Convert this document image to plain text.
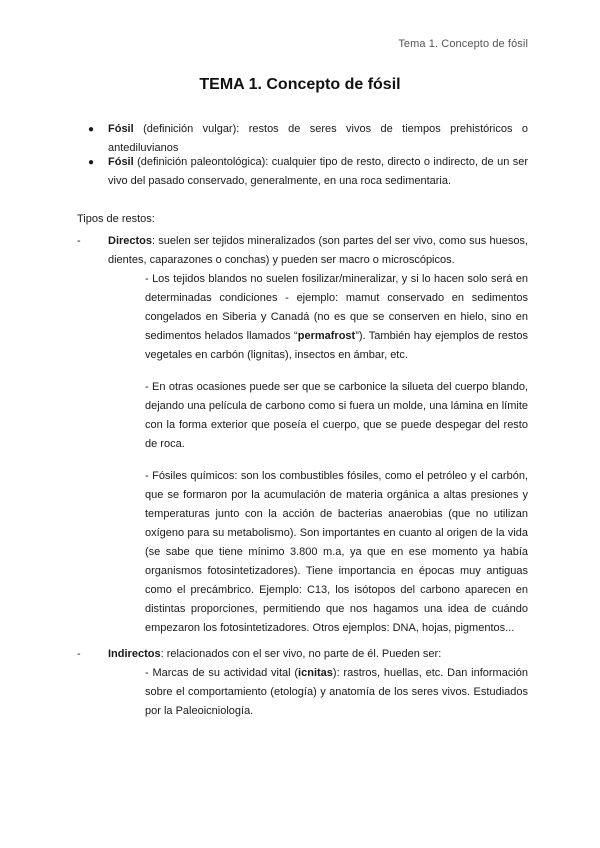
Tema 1. Concepto de fósil
TEMA 1. Concepto de fósil
● Fósil (definición vulgar): restos de seres vivos de tiempos prehistóricos o antediluvianos
● Fósil (definición paleontológica): cualquier tipo de resto, directo o indirecto, de un ser vivo del pasado conservado, generalmente, en una roca sedimentaria.
Tipos de restos:
- Directos: suelen ser tejidos mineralizados (son partes del ser vivo, como sus huesos, dientes, caparazones o conchas) y pueden ser macro o microscópicos.
- Los tejidos blandos no suelen fosilizar/mineralizar, y si lo hacen solo será en determinadas condiciones - ejemplo: mamut conservado en sedimentos congelados en Siberia y Canadá (no es que se conserven en hielo, sino en sedimentos helados llamados “permafrost”). También hay ejemplos de restos vegetales en carbón (lignitas), insectos en ámbar, etc.
- En otras ocasiones puede ser que se carbonice la silueta del cuerpo blando, dejando una película de carbono como si fuera un molde, una lámina en límite con la forma exterior que poseía el cuerpo, que se puede despegar del resto de roca.
- Fósiles químicos: son los combustibles fósiles, como el petróleo y el carbón, que se formaron por la acumulación de materia orgánica a altas presiones y temperaturas junto con la acción de bacterias anaerobias (que no utilizan oxígeno para su metabolismo). Son importantes en cuanto al origen de la vida (se sabe que tiene mínimo 3.800 m.a, ya que en ese momento ya había organismos fotosintetizadores). Tiene importancia en épocas muy antiguas como el precámbrico. Ejemplo: C13, los isótopos del carbono aparecen en distintas proporciones, permitiendo que nos hagamos una idea de cuándo empezaron los fotosintetizadores. Otros ejemplos: DNA, hojas, pigmentos...
- Indirectos: relacionados con el ser vivo, no parte de él. Pueden ser:
- Marcas de su actividad vital (icnitas): rastros, huellas, etc. Dan información sobre el comportamiento (etología) y anatomía de los seres vivos. Estudiados por la Paleoicniología.
